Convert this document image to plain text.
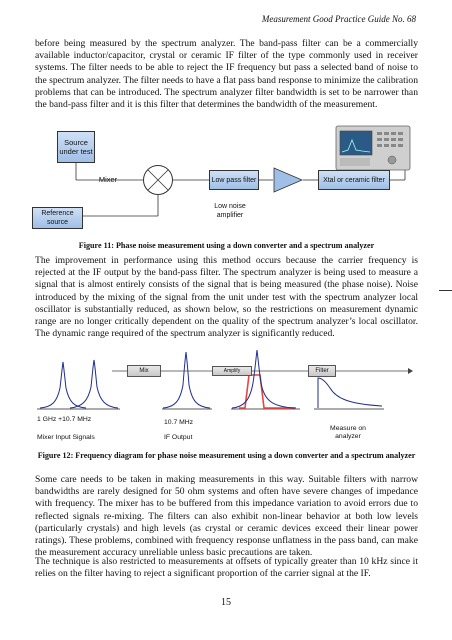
Measurement Good Practice Guide No. 68
before being measured by the spectrum analyzer. The band-pass filter can be a commercially available inductor/capacitor, crystal or ceramic IF filter of the type commonly used in receiver systems. The filter needs to be able to reject the IF frequency but pass a selected band of noise to the spectrum analyzer. The filter needs to have a flat pass band response to minimize the calibration problems that can be introduced. The spectrum analyzer filter bandwidth is set to be narrower than the band-pass filter and it is this filter that determines the bandwidth of the measurement.
Source under test
Mixer	Low pass filter	Xtal or ceramic filter
Reference source
Low noise amplifier
Figure 11: Phase noise measurement using a down converter and a spectrum analyzer
The improvement in performance using this method occurs because the carrier frequency is rejected at the IF output by the band-pass filter. The spectrum analyzer is being used to measure a signal that is almost entirely consists of the signal that is being measured (the phase noise). Noise introduced by the mixing of the signal from the unit under test with the spectrum analyzer local oscillator is substantially reduced, as shown below, so the restrictions on measurement dynamic range are no longer critically dependent on the quality of the spectrum analyzer’s local oscillator. The dynamic range required of the spectrum analyzer is significantly reduced.
Mix	Amplify	Filter
1 GHz +10.7 MHz
Mixer Input Signals
10.7 MHz
IF Output
Measure on analyzer
Figure 12: Frequency diagram for phase noise measurement using a down converter and a spectrum analyzer
Some care needs to be taken in making measurements in this way. Suitable filters with narrow bandwidths are rarely designed for 50 ohm systems and often have severe changes of impedance with frequency. The mixer has to be buffered from this impedance variation to avoid errors due to reflected signals re-mixing. The filters can also exhibit non-linear behavior at both low levels (particularly crystals) and high levels (as crystal or ceramic devices exceed their linear power ratings). These problems, combined with frequency response unflatness in the pass band, can make the measurement accuracy unreliable unless basic precautions are taken.
The technique is also restricted to measurements at offsets of typically greater than 10 kHz since it relies on the filter having to reject a significant proportion of the carrier signal at the IF.
15
